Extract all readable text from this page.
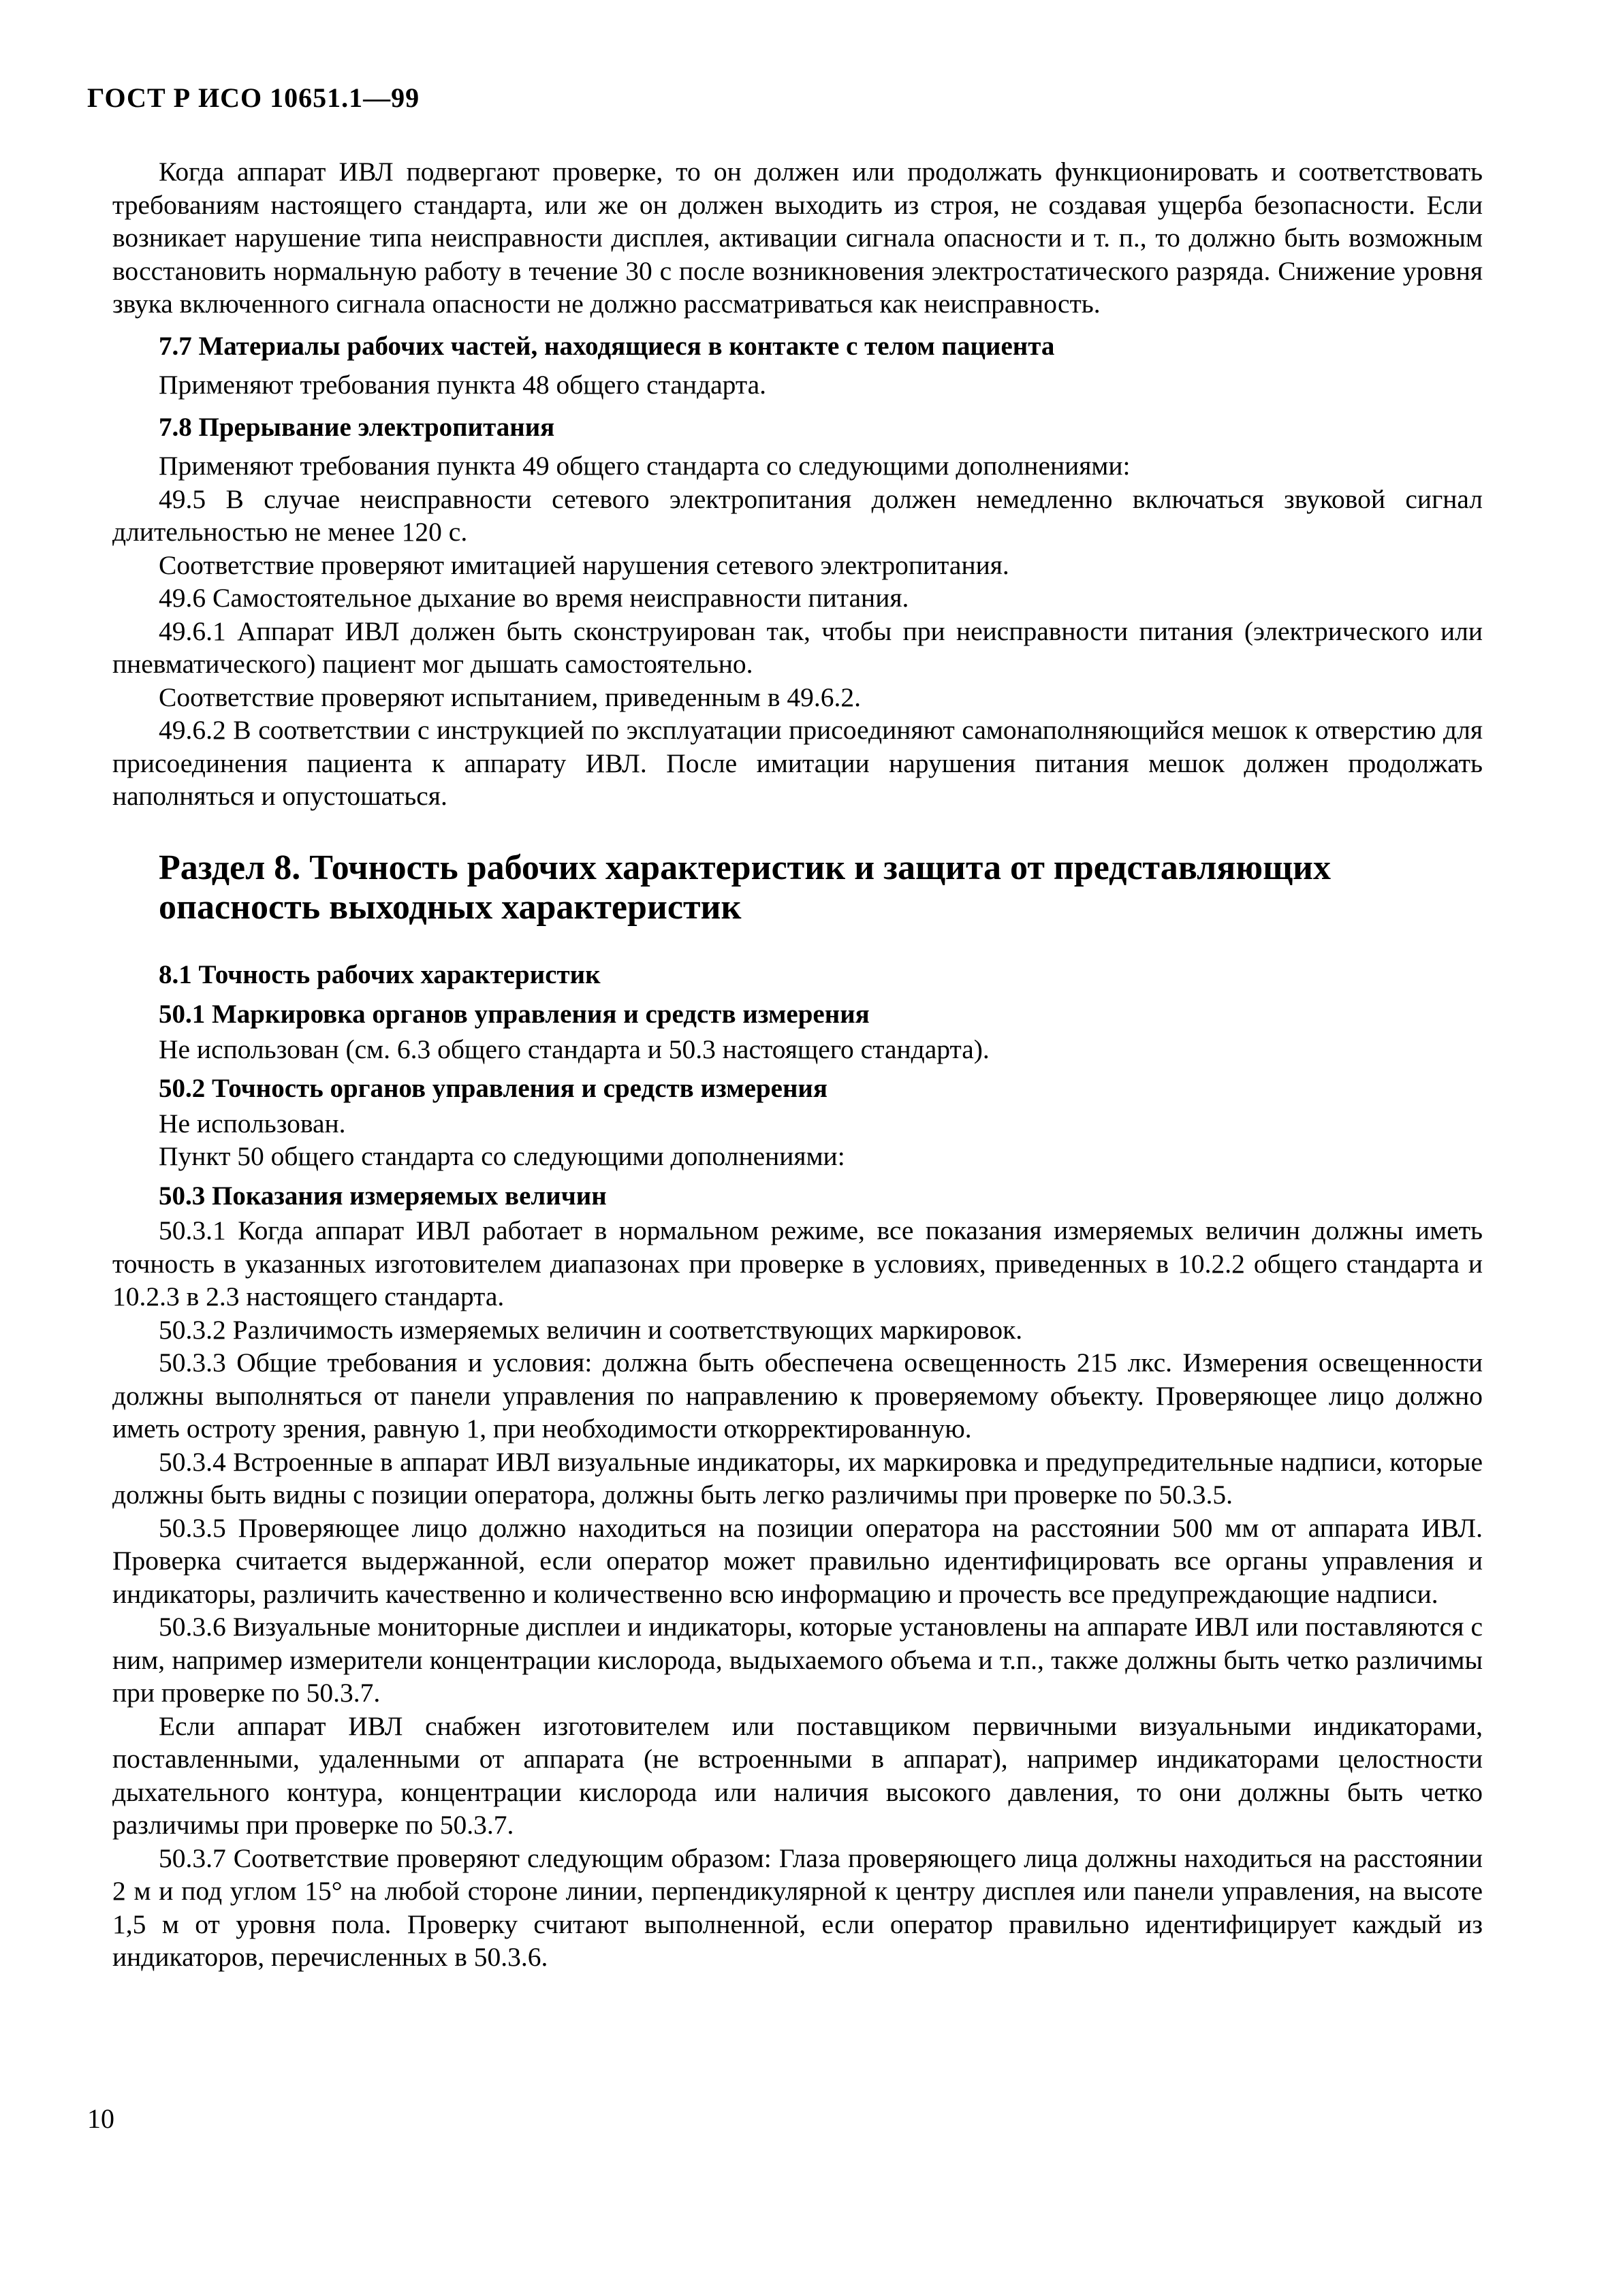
ГОСТ Р ИСО 10651.1—99

Когда аппарат ИВЛ подвергают проверке, то он должен или продолжать функционировать и соответствовать требованиям настоящего стандарта, или же он должен выходить из строя, не создавая ущерба безопасности. Если возникает нарушение типа неисправности дисплея, активации сигнала опасности и т. п., то должно быть возможным восстановить нормальную работу в течение 30 с после возникновения электростатического разряда. Снижение уровня звука включенного сигнала опасности не должно рассматриваться как неисправность.

7.7 Материалы рабочих частей, находящиеся в контакте с телом пациента

Применяют требования пункта 48 общего стандарта.

7.8 Прерывание электропитания

Применяют требования пункта 49 общего стандарта со следующими дополнениями:

49.5 В случае неисправности сетевого электропитания должен немедленно включаться звуковой сигнал длительностью не менее 120 с.

Соответствие проверяют имитацией нарушения сетевого электропитания.

49.6 Самостоятельное дыхание во время неисправности питания.

49.6.1 Аппарат ИВЛ должен быть сконструирован так, чтобы при неисправности питания (электрического или пневматического) пациент мог дышать самостоятельно.

Соответствие проверяют испытанием, приведенным в 49.6.2.

49.6.2 В соответствии с инструкцией по эксплуатации присоединяют самонаполняющийся мешок к отверстию для присоединения пациента к аппарату ИВЛ. После имитации нарушения питания мешок должен продолжать наполняться и опустошаться.

Раздел 8. Точность рабочих характеристик и защита от представляющих опасность выходных характеристик
8.1 Точность рабочих характеристик
50.1 Маркировка органов управления и средств измерения

Не использован (см. 6.3 общего стандарта и 50.3 настоящего стандарта).

50.2 Точность органов управления и средств измерения

Не использован.

Пункт 50 общего стандарта со следующими дополнениями:

50.3 Показания измеряемых величин

50.3.1 Когда аппарат ИВЛ работает в нормальном режиме, все показания измеряемых величин должны иметь точность в указанных изготовителем диапазонах при проверке в условиях, приведенных в 10.2.2 общего стандарта и 10.2.3 в 2.3 настоящего стандарта.

50.3.2 Различимость измеряемых величин и соответствующих маркировок.

50.3.3 Общие требования и условия: должна быть обеспечена освещенность 215 лкс. Измерения освещенности должны выполняться от панели управления по направлению к проверяемому объекту. Проверяющее лицо должно иметь остроту зрения, равную 1, при необходимости откорректированную.

50.3.4 Встроенные в аппарат ИВЛ визуальные индикаторы, их маркировка и предупредительные надписи, которые должны быть видны с позиции оператора, должны быть легко различимы при проверке по 50.3.5.

50.3.5 Проверяющее лицо должно находиться на позиции оператора на расстоянии 500 мм от аппарата ИВЛ. Проверка считается выдержанной, если оператор может правильно идентифицировать все органы управления и индикаторы, различить качественно и количественно всю информацию и прочесть все предупреждающие надписи.

50.3.6 Визуальные мониторные дисплеи и индикаторы, которые установлены на аппарате ИВЛ или поставляются с ним, например измерители концентрации кислорода, выдыхаемого объема и т.п., также должны быть четко различимы при проверке по 50.3.7.

Если аппарат ИВЛ снабжен изготовителем или поставщиком первичными визуальными индикаторами, поставленными, удаленными от аппарата (не встроенными в аппарат), например индикаторами целостности дыхательного контура, концентрации кислорода или наличия высокого давления, то они должны быть четко различимы при проверке по 50.3.7.

50.3.7 Соответствие проверяют следующим образом: Глаза проверяющего лица должны находиться на расстоянии 2 м и под углом 15° на любой стороне линии, перпендикулярной к центру дисплея или панели управления, на высоте 1,5 м от уровня пола. Проверку считают выполненной, если оператор правильно идентифицирует каждый из индикаторов, перечисленных в 50.3.6.

10
